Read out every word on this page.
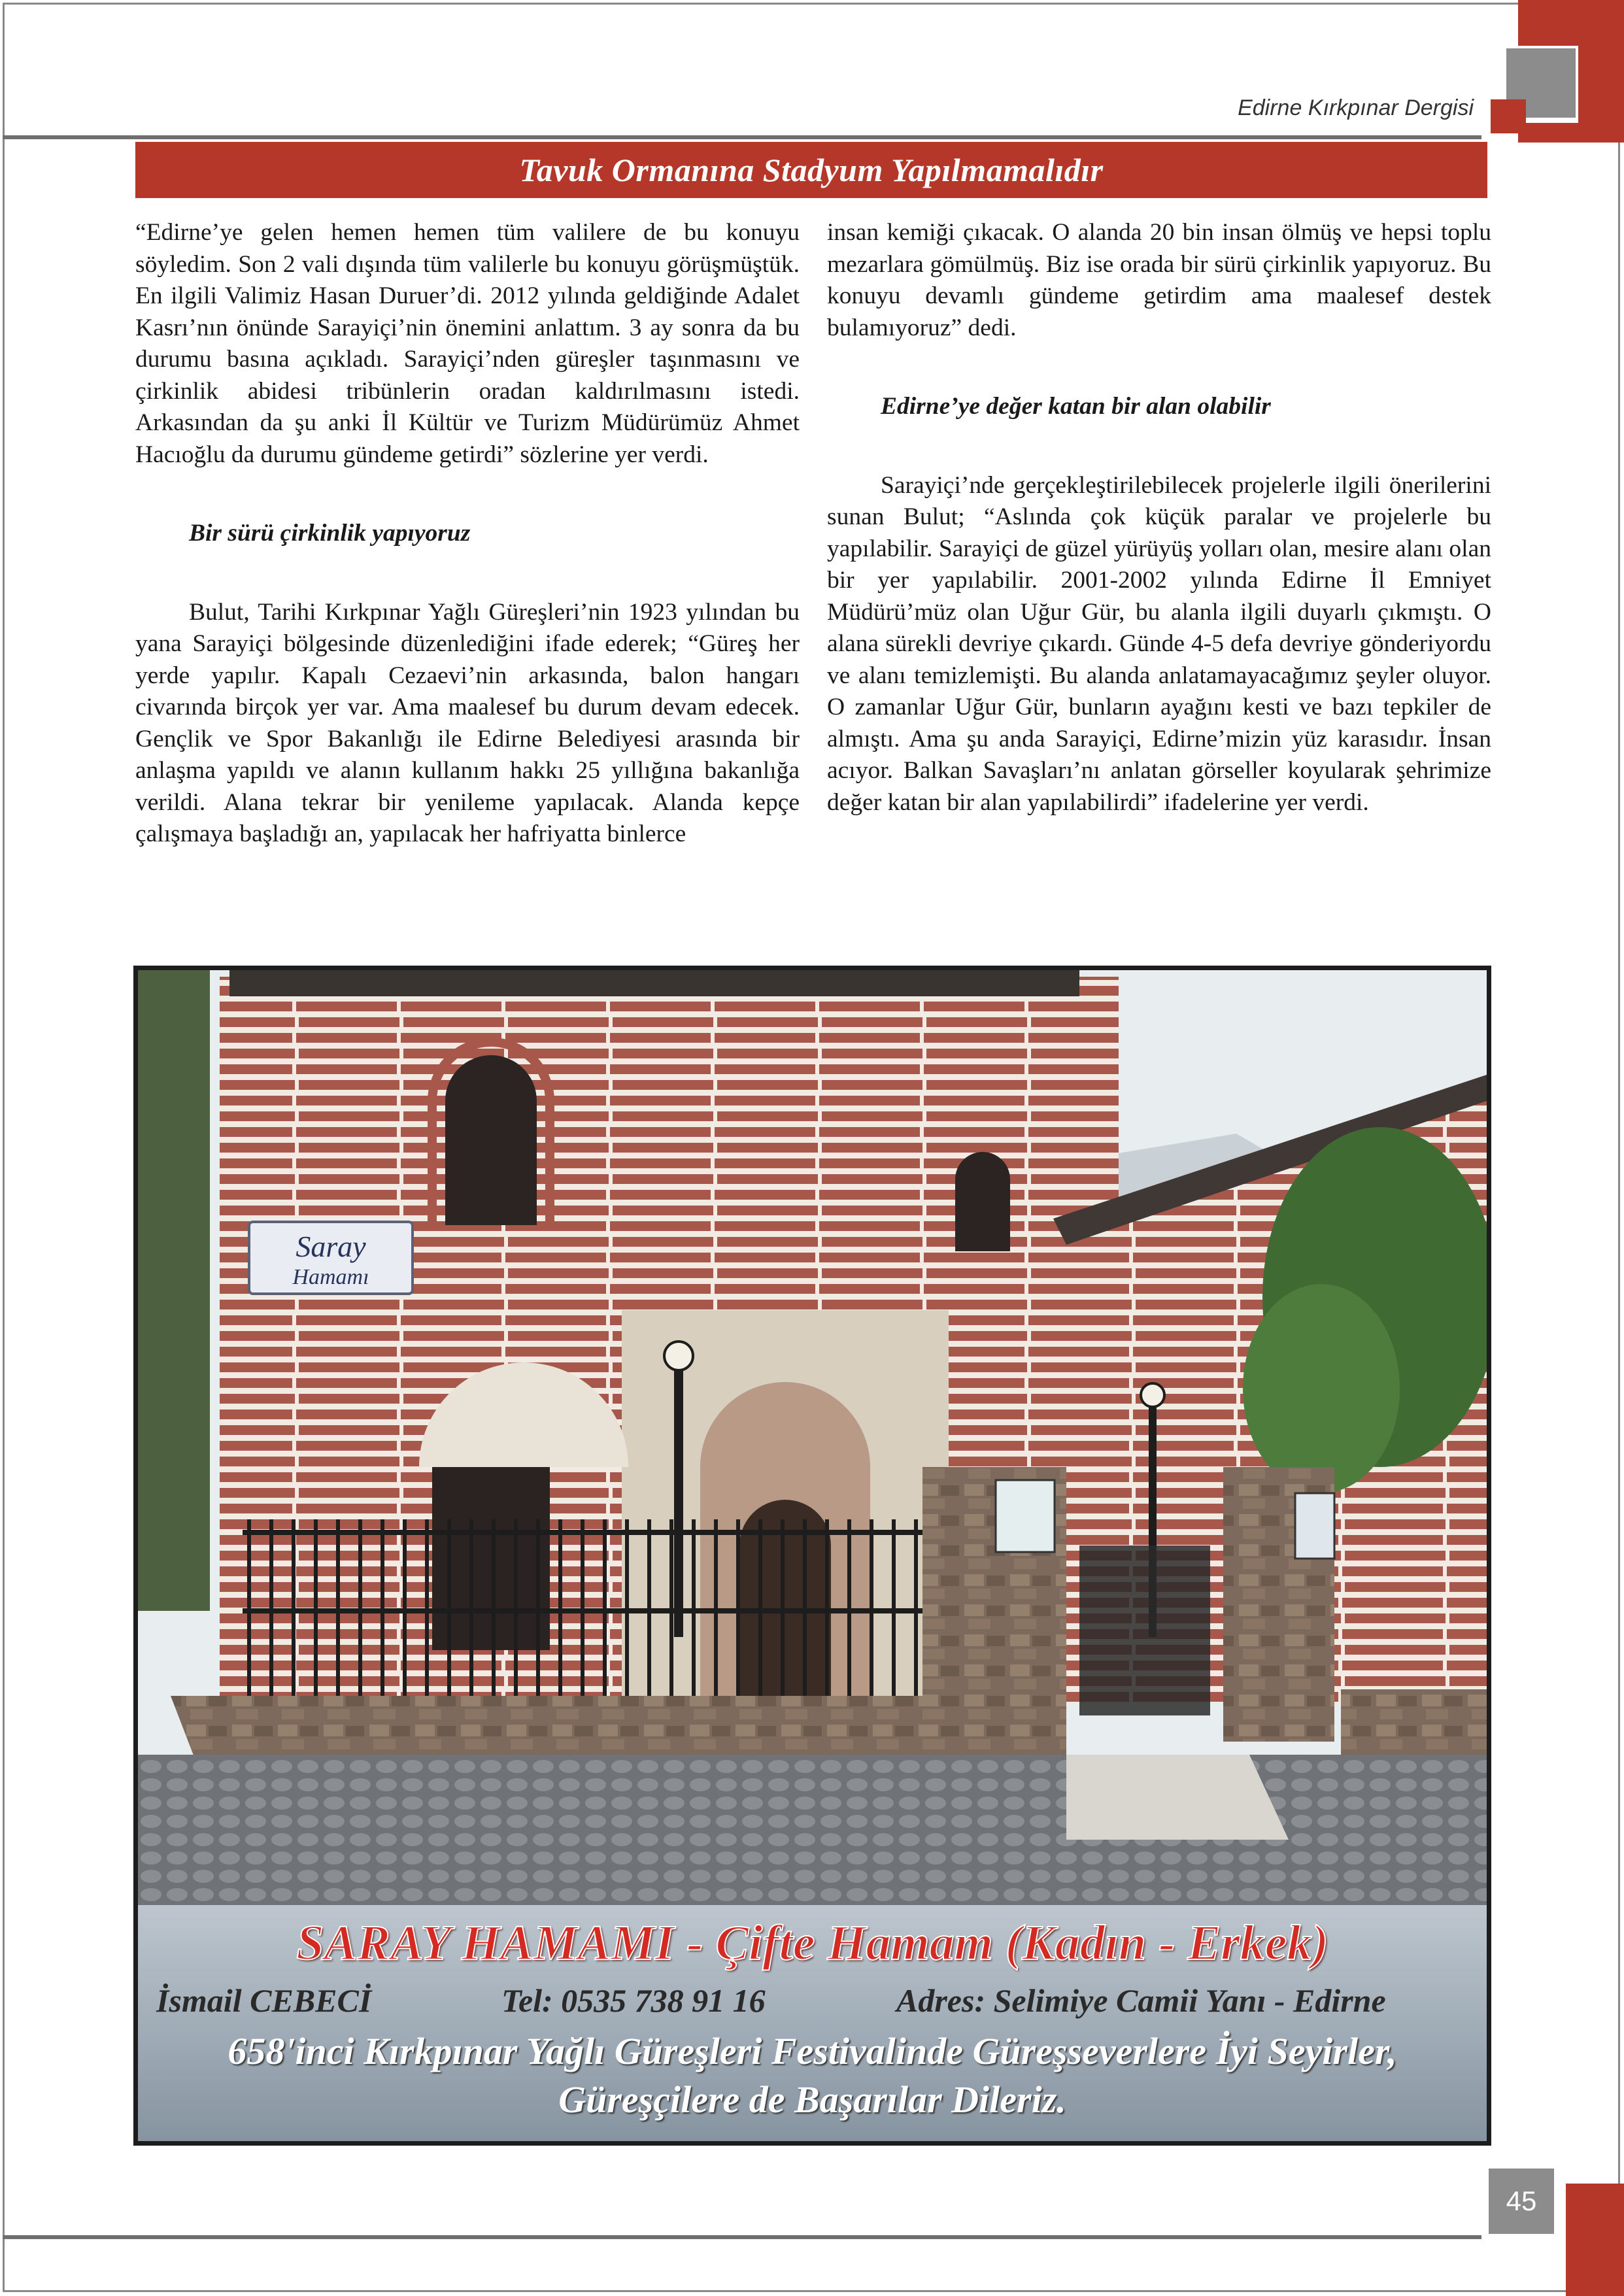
Edirne Kırkpınar Dergisi
Tavuk Ormanına Stadyum Yapılmamalıdır

“Edirne’ye gelen hemen hemen tüm valilere de bu konuyu söyledim. Son 2 vali dışında tüm valilerle bu konuyu görüşmüştük. En ilgili Valimiz Hasan Duruer’di. 2012 yılında geldiğinde Adalet Kasrı’nın önünde Sarayiçi’nin önemini anlattım. 3 ay sonra da bu durumu basına açıkladı. Sarayiçi’nden güreşler taşınmasını ve çirkinlik abidesi tribünlerin oradan kaldırılmasını istedi. Arkasından da şu anki İl Kültür ve Turizm Müdürümüz Ahmet Hacıoğlu da durumu gündeme getirdi” sözlerine yer verdi.

Bir sürü çirkinlik yapıyoruz

Bulut, Tarihi Kırkpınar Yağlı Güreşleri’nin 1923 yılından bu yana Sarayiçi bölgesinde düzenlediğini ifade ederek; “Güreş her yerde yapılır. Kapalı Cezaevi’nin arkasında, balon hangarı civarında birçok yer var. Ama maalesef bu durum devam edecek. Gençlik ve Spor Bakanlığı ile Edirne Belediyesi arasında bir anlaşma yapıldı ve alanın kullanım hakkı 25 yıllığına bakanlığa verildi. Alana tekrar bir yenileme yapılacak. Alanda kepçe çalışmaya başladığı an, yapılacak her hafriyatta binlerce

insan kemiği çıkacak. O alanda 20 bin insan ölmüş ve hepsi toplu mezarlara gömülmüş. Biz ise orada bir sürü çirkinlik yapıyoruz. Bu konuyu devamlı gündeme getirdim ama maalesef destek bulamıyoruz” dedi.

Edirne’ye değer katan bir alan olabilir

Sarayiçi’nde gerçekleştirilebilecek projelerle ilgili önerilerini sunan Bulut; “Aslında çok küçük paralar ve projelerle bu yapılabilir. Sarayiçi de güzel yürüyüş yolları olan, mesire alanı olan bir yer yapılabilir. 2001-2002 yılında Edirne İl Emniyet Müdürü’müz olan Uğur Gür, bu alanla ilgili duyarlı çıkmıştı. O alana sürekli devriye çıkardı. Günde 4-5 defa devriye gönderiyordu ve alanı temizlemişti. Bu alanda anlatamayacağımız şeyler oluyor. O zamanlar Uğur Gür, bunların ayağını kesti ve bazı tepkiler de almıştı. Ama şu anda Sarayiçi, Edirne’mizin yüz karasıdır. İnsan acıyor. Balkan Savaşları’nı anlatan görseller koyularak şehrimize değer katan bir alan yapılabilirdi” ifadelerine yer verdi.

Saray
Hamamı
SARAY HAMAMI - Çifte Hamam (Kadın - Erkek)
İsmail CEBECİ	Tel: 0535 738 91 16	Adres: Selimiye Camii Yanı - Edirne
658'inci Kırkpınar Yağlı Güreşleri Festivalinde Güreşseverlere İyi Seyirler,
Güreşçilere de Başarılar Dileriz.
45
